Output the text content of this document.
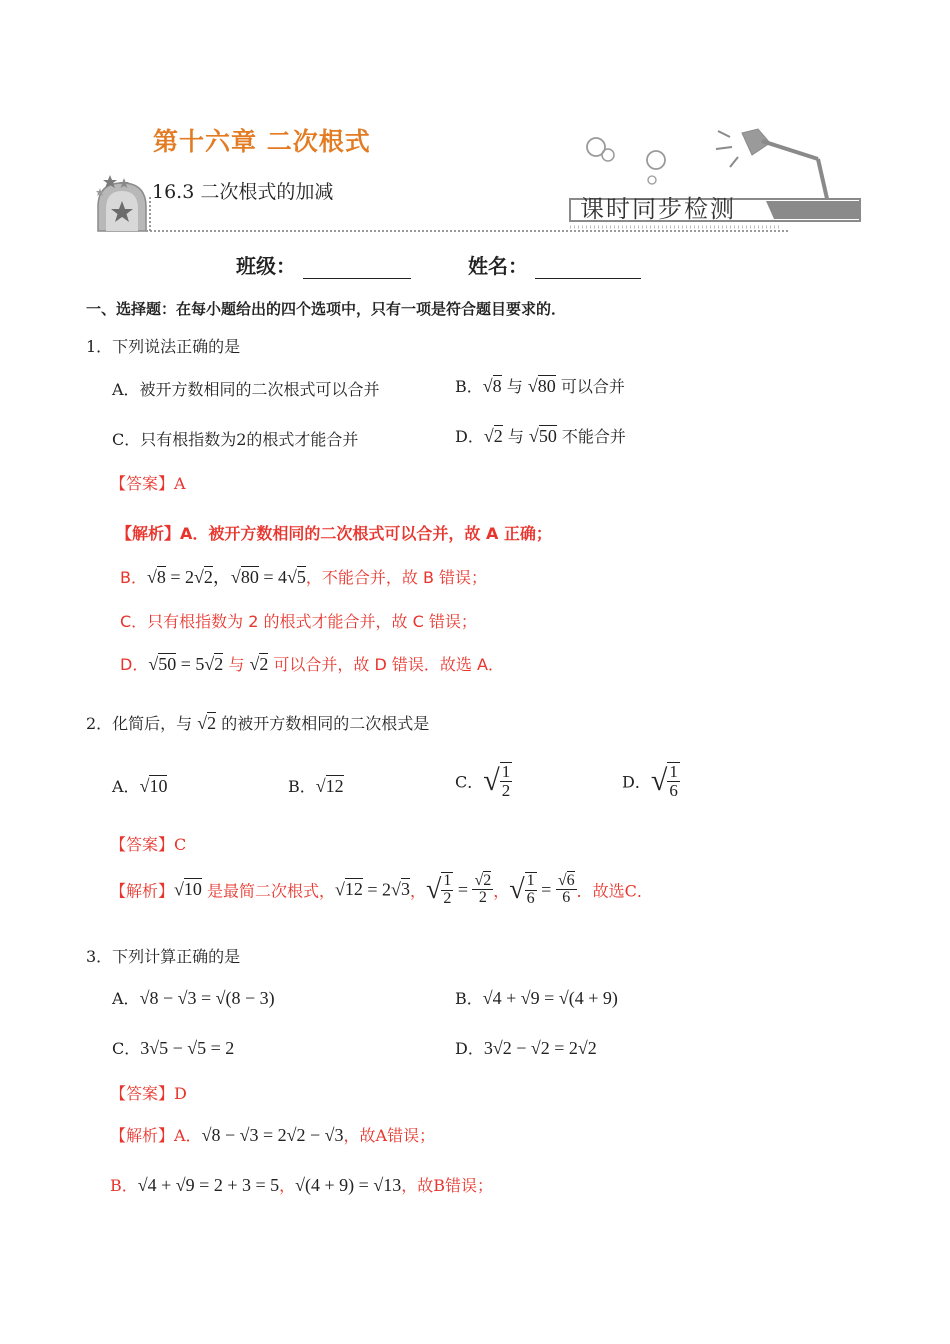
第十六章 二次根式
16.3 二次根式的加减
课时同步检测
班级：	姓名：
一、选择题：在每小题给出的四个选项中，只有一项是符合题目要求的．
1．下列说法正确的是
A．被开方数相同的二次根式可以合并	B．√8 与 √80 可以合并
C．只有根指数为2的根式才能合并	D．√2 与 √50 不能合并
【答案】A
【解析】A．被开方数相同的二次根式可以合并，故 A 正确；
B．√8 = 2√2，√80 = 4√5，不能合并，故 B 错误；
C．只有根指数为 2 的根式才能合并，故 C 错误；
D．√50 = 5√2 与 √2 可以合并，故 D 错误．故选 A．
2．化简后，与 √2 的被开方数相同的二次根式是
A．√10	B．√12	C．√ $\frac{1}{2}$	D．√ $\frac{1}{6}$
【答案】C
【解析】√10 是最简二次根式，√12 = 2√3，√ $\frac{1}{2} = \frac{√2}{2}$ ，√ $\frac{1}{6} = \frac{√6}{6}$ ．故选C．
3．下列计算正确的是
A．√8 − √3 = √(8 − 3)	B．√4 + √9 = √(4 + 9)
C．3√5 − √5 = 2	D．3√2 − √2 = 2√2
【答案】D
【解析】A．√8 − √3 = 2√2 − √3，故A错误；
B．√4 + √9 = 2 + 3 = 5，√(4 + 9) = √13，故B错误；
